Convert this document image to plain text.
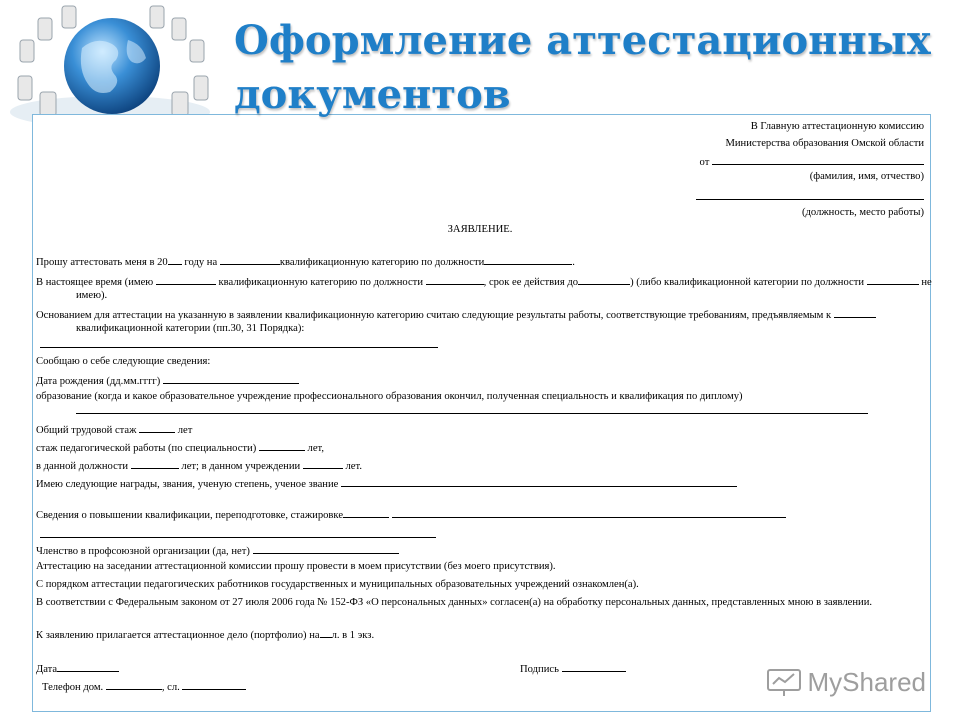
Оформление аттестационных документов
В Главную аттестационную комиссию
Министерства образования Омской области
от
(фамилия, имя, отчество)
(должность, место работы)
ЗАЯВЛЕНИЕ.
Прошу аттестовать меня в 20 году на	квалификационную категорию по должности	.
В настоящее время (имею	квалификационную категорию по должности	, срок ее действия до	) (либо квалификационной категории по должности	не имею).
Основанием для аттестации на указанную в заявлении квалификационную категорию считаю следующие результаты работы, соответствующие требованиям, предъявляемым к  квалификационной категории (пп.30, 31 Порядка):
Сообщаю о себе следующие сведения:
Дата рождения (дд.мм.гггг)
образование (когда и какое образовательное учреждение профессионального образования окончил, полученная специальность и квалификация по диплому)
Общий трудовой стаж	лет
стаж педагогической работы (по специальности)	лет,
в данной должности	лет; в данном учреждении	лет.
Имею следующие награды, звания, ученую степень, ученое звание
Сведения о повышении квалификации, переподготовке, стажировке
Членство в профсоюзной организации (да, нет)
Аттестацию на заседании аттестационной комиссии прошу провести в моем присутствии (без моего присутствия).
С порядком аттестации педагогических работников государственных и муниципальных образовательных учреждений ознакомлен(а).
В соответствии с Федеральным законом от 27 июля 2006 года № 152-ФЗ «О персональных данных» согласен(а) на обработку персональных данных, представленных мною в заявлении.
К заявлению прилагается аттестационное дело (портфолио) на л. в 1 экз.
Дата	Подпись
Телефон дом.	, сл.	MyShared
